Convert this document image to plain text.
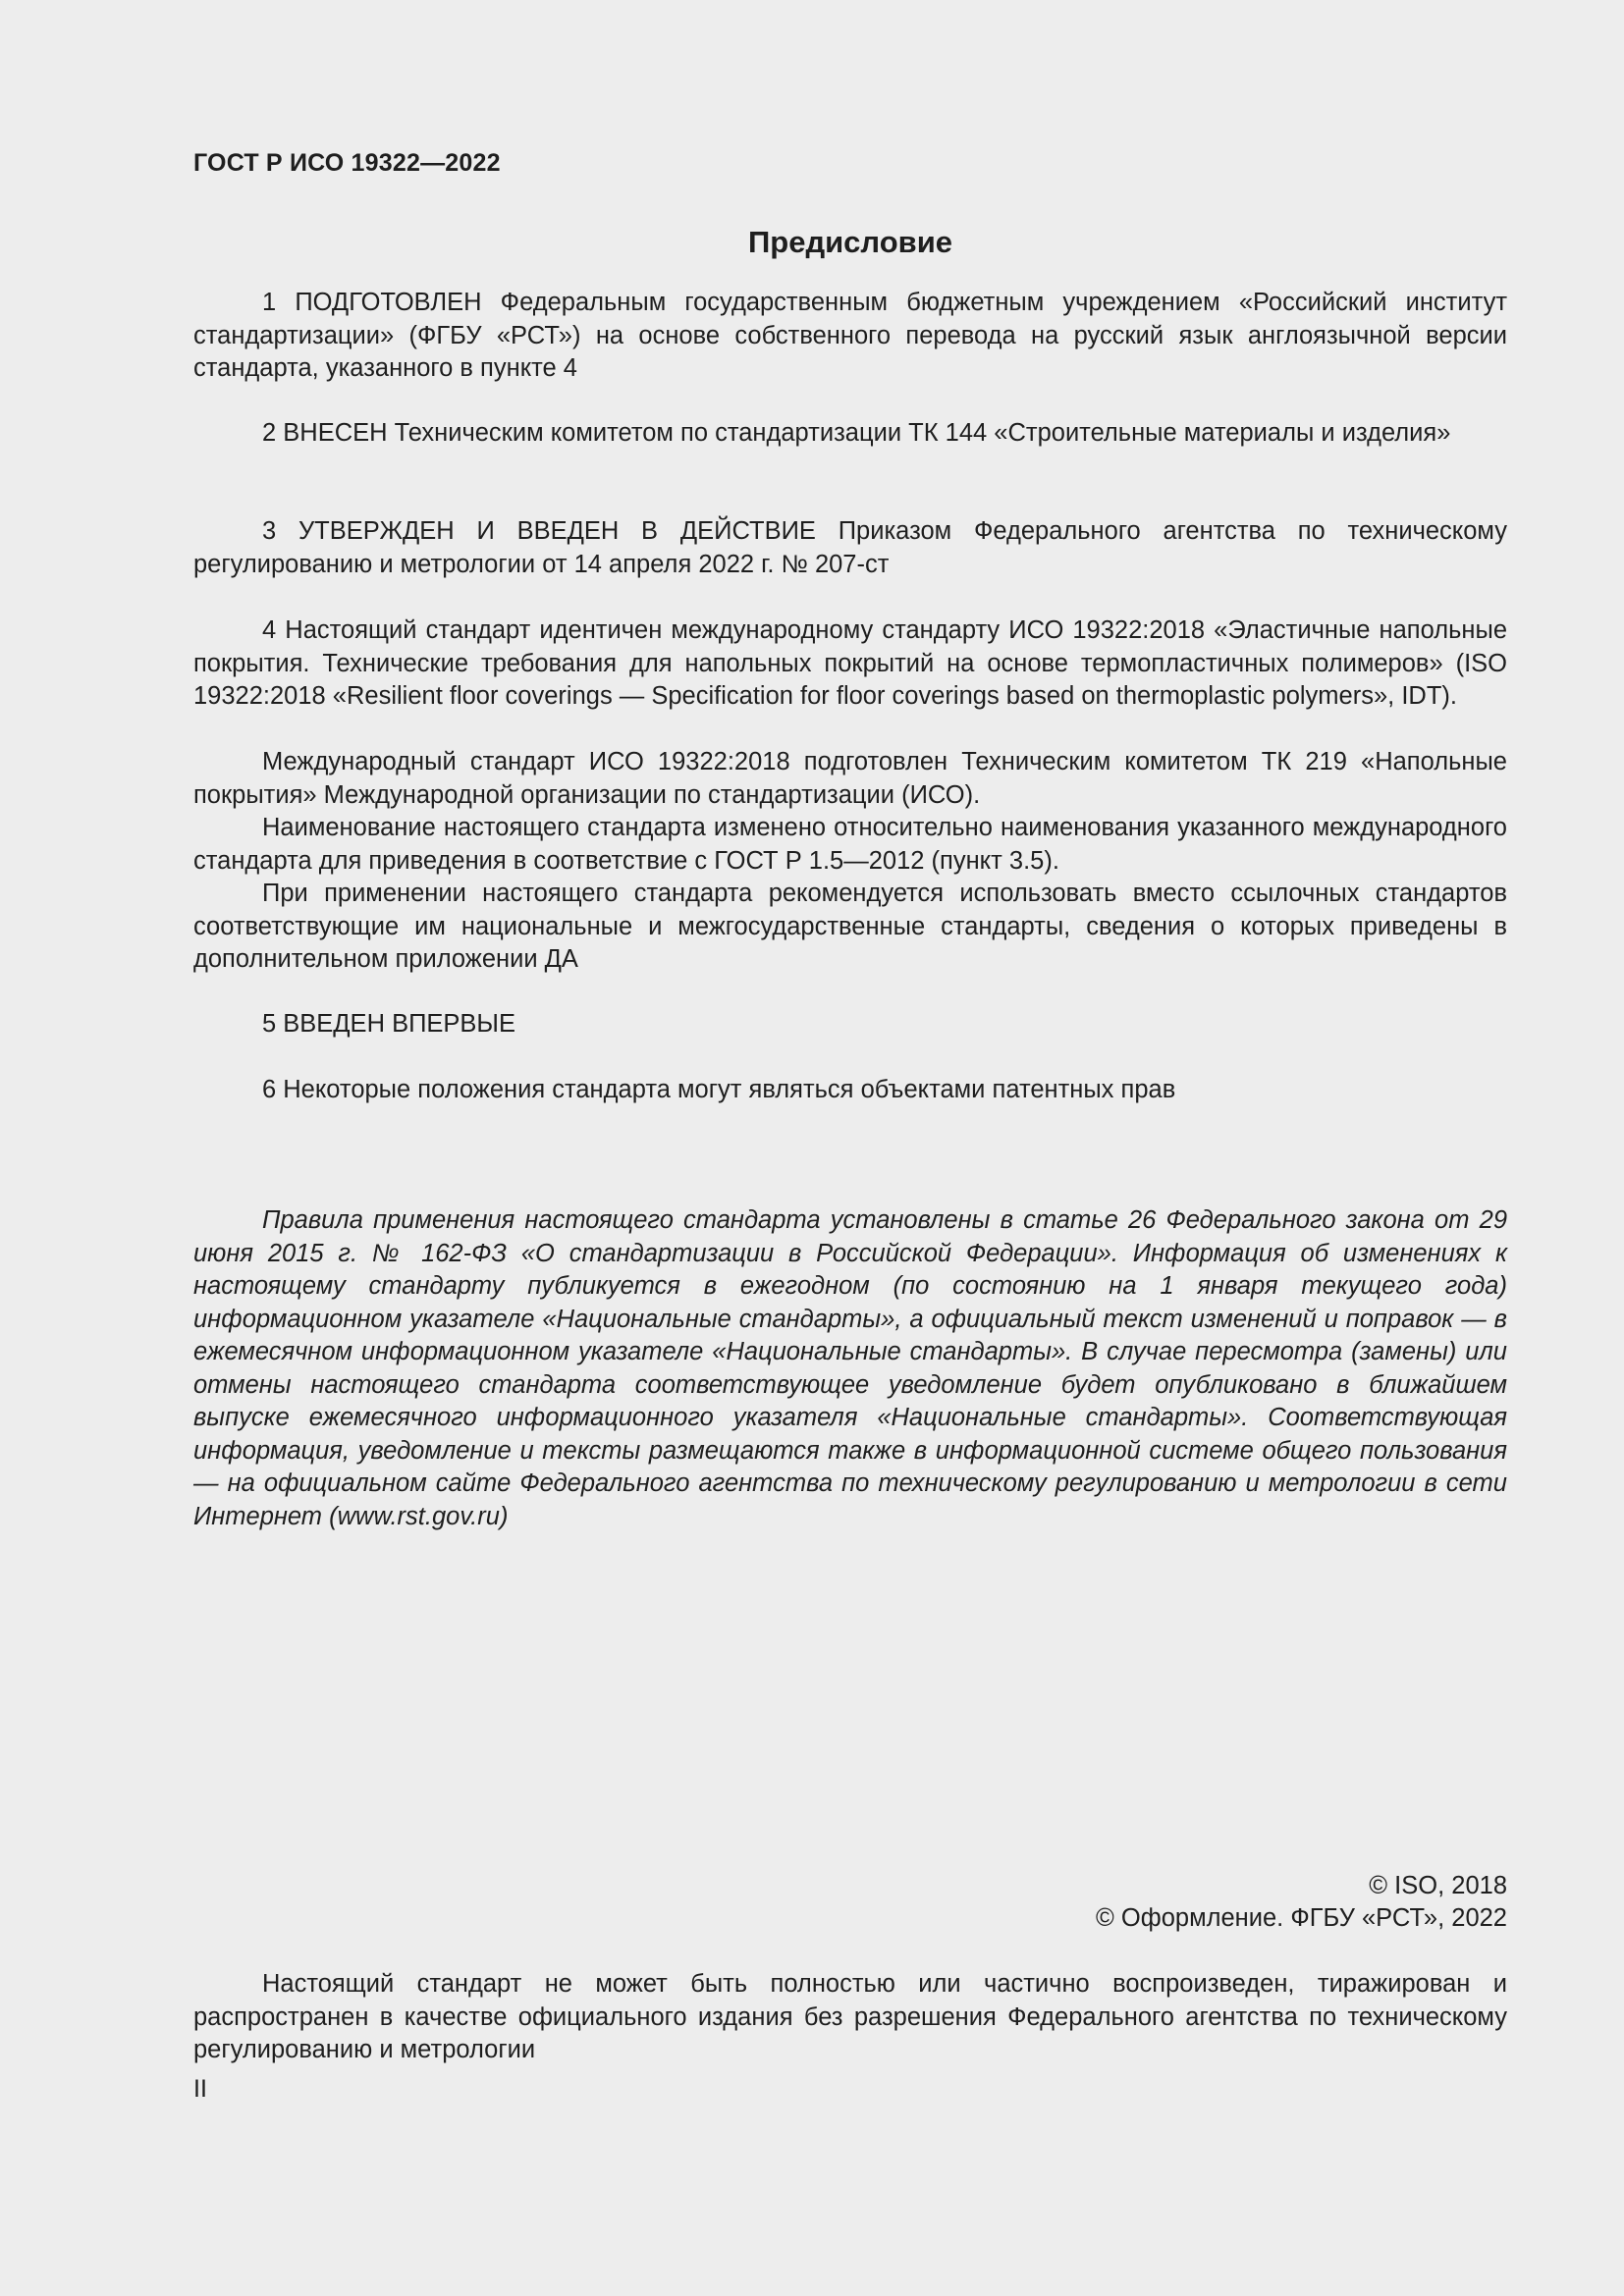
ГОСТ Р ИСО 19322—2022
Предисловие

1 ПОДГОТОВЛЕН Федеральным государственным бюджетным учреждением «Российский институт стандартизации» (ФГБУ «РСТ») на основе собственного перевода на русский язык англоязычной версии стандарта, указанного в пункте 4

2 ВНЕСЕН Техническим комитетом по стандартизации ТК 144 «Строительные материалы и изделия»

3 УТВЕРЖДЕН И ВВЕДЕН В ДЕЙСТВИЕ Приказом Федерального агентства по техническому регулированию и метрологии от 14 апреля 2022 г. № 207-ст

4 Настоящий стандарт идентичен международному стандарту ИСО 19322:2018 «Эластичные напольные покрытия. Технические требования для напольных покрытий на основе термопластичных полимеров» (ISO 19322:2018 «Resilient floor coverings — Specification for floor coverings based on thermoplastic polymers», IDT).

Международный стандарт ИСО 19322:2018 подготовлен Техническим комитетом ТК 219 «Напольные покрытия» Международной организации по стандартизации (ИСО).

Наименование настоящего стандарта изменено относительно наименования указанного международного стандарта для приведения в соответствие с ГОСТ Р 1.5—2012 (пункт 3.5).

При применении настоящего стандарта рекомендуется использовать вместо ссылочных стандартов соответствующие им национальные и межгосударственные стандарты, сведения о которых приведены в дополнительном приложении ДА

5 ВВЕДЕН ВПЕРВЫЕ

6 Некоторые положения стандарта могут являться объектами патентных прав

Правила применения настоящего стандарта установлены в статье 26 Федерального закона от 29 июня 2015 г. № 162-ФЗ «О стандартизации в Российской Федерации». Информация об изменениях к настоящему стандарту публикуется в ежегодном (по состоянию на 1 января текущего года) информационном указателе «Национальные стандарты», а официальный текст изменений и поправок — в ежемесячном информационном указателе «Национальные стандарты». В случае пересмотра (замены) или отмены настоящего стандарта соответствующее уведомление будет опубликовано в ближайшем выпуске ежемесячного информационного указателя «Национальные стандарты». Соответствующая информация, уведомление и тексты размещаются также в информационной системе общего пользования — на официальном сайте Федерального агентства по техническому регулированию и метрологии в сети Интернет (www.rst.gov.ru)

© ISO, 2018
© Оформление. ФГБУ «РСТ», 2022

Настоящий стандарт не может быть полностью или частично воспроизведен, тиражирован и распространен в качестве официального издания без разрешения Федерального агентства по техническому регулированию и метрологии

II
